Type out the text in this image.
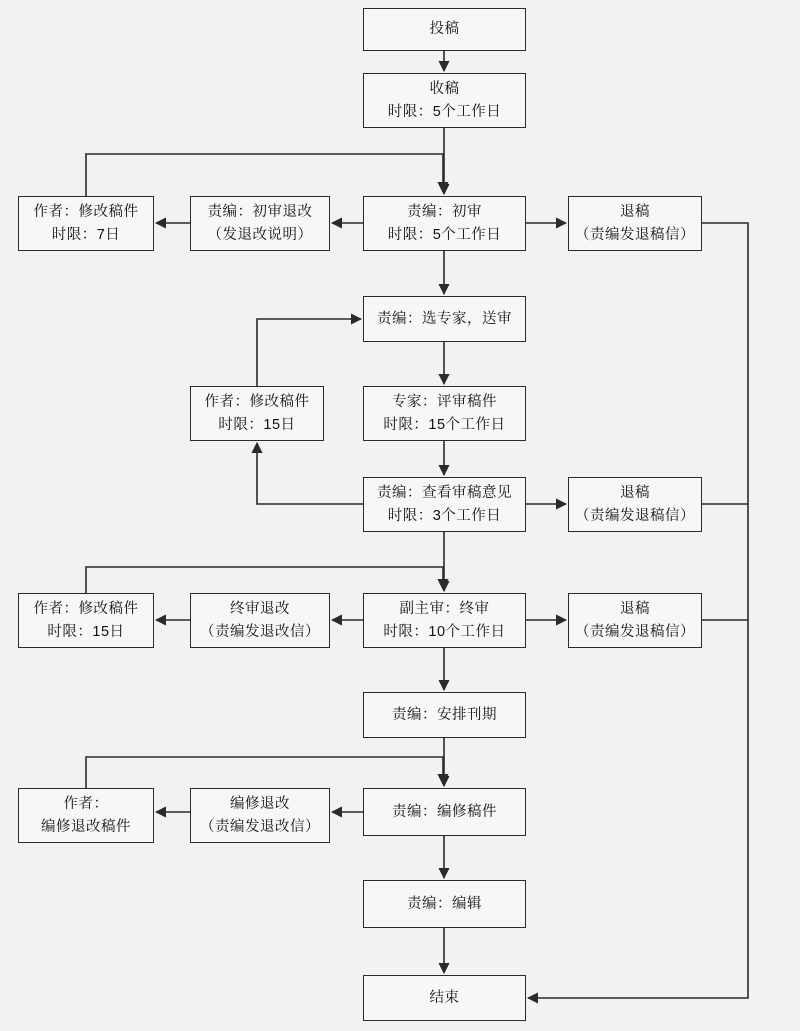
投稿
收稿
时限：5个工作日
责编：初审
时限：5个工作日
责编：初审退改
（发退改说明）
作者：修改稿件
时限：7日
退稿
（责编发退稿信）
责编：选专家，送审
专家：评审稿件
时限：15个工作日
作者：修改稿件
时限：15日
责编：查看审稿意见
时限：3个工作日
退稿
（责编发退稿信）
副主审：终审
时限：10个工作日
终审退改
（责编发退改信）
作者：修改稿件
时限：15日
退稿
（责编发退稿信）
责编：安排刊期
责编：编修稿件
编修退改
（责编发退改信）
作者：
编修退改稿件
责编：编辑
结束
